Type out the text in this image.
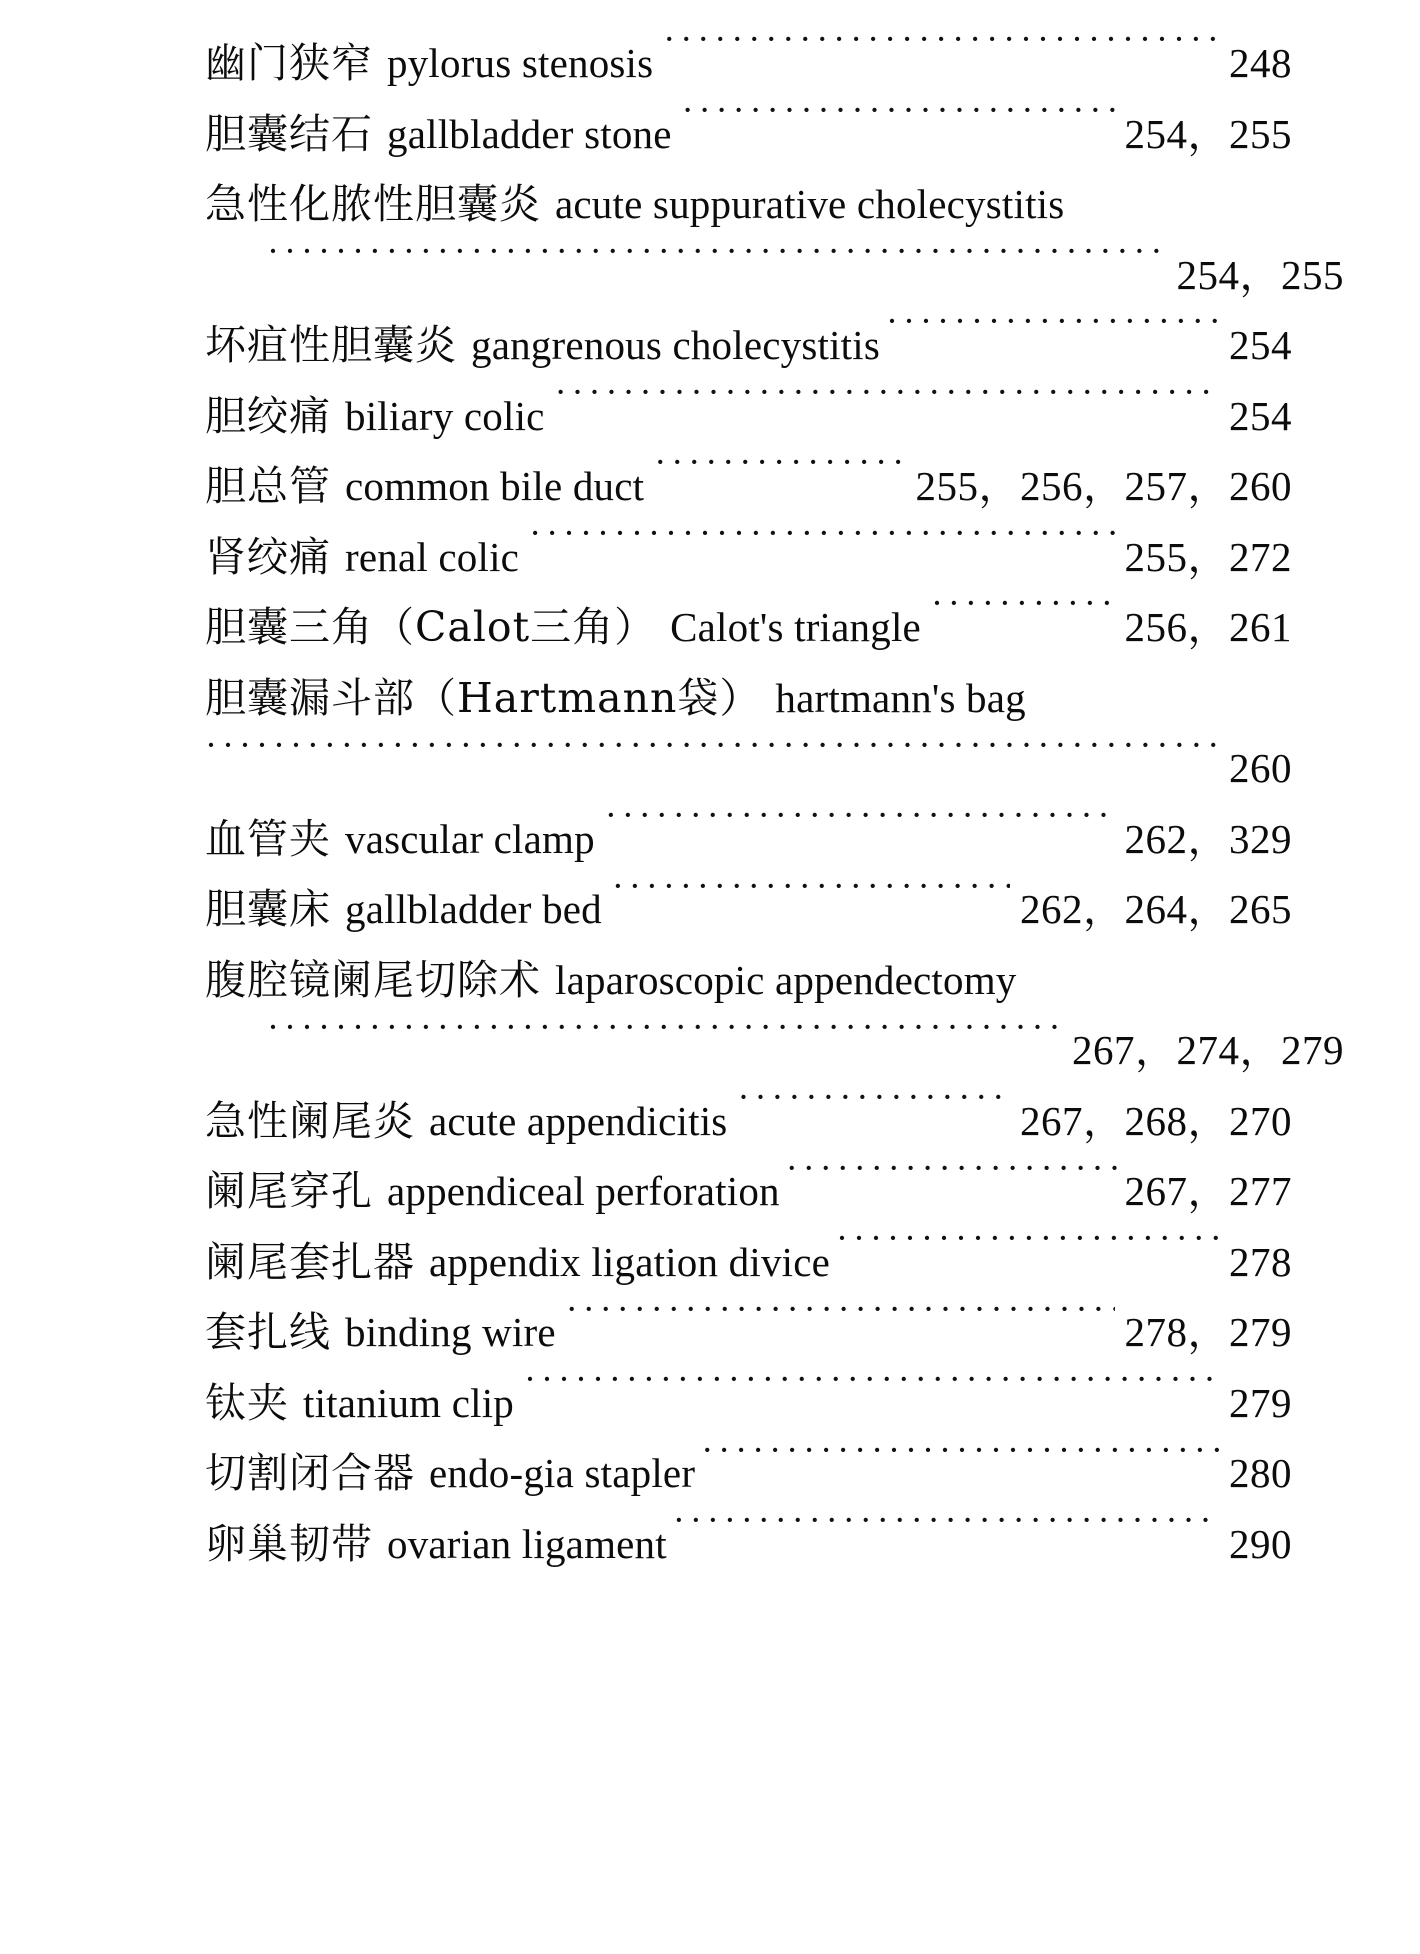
幽门狭窄 pylorus stenosis ·····	248
胆囊结石 gallbladder stone ·····	254，255
急性化脓性胆囊炎 acute suppurative cholecystitis
·····
254，255
坏疽性胆囊炎 gangrenous cholecystitis ·····	254
胆绞痛 biliary colic ·····	254
胆总管 common bile duct ·····	255，256，257，260
肾绞痛 renal colic ·····	255，272
胆囊三角（Calot三角） Calot's triangle ·····	256，261
胆囊漏斗部（Hartmann袋） hartmann's bag
·····
260
血管夹 vascular clamp ·····	262，329
胆囊床 gallbladder bed ·····	262，264，265
腹腔镜阑尾切除术 laparoscopic appendectomy
·····
267，274，279
急性阑尾炎 acute appendicitis ·····	267，268，270
阑尾穿孔 appendiceal perforation ·····	267，277
阑尾套扎器 appendix ligation divice ·····	278
套扎线 binding wire ·····	278，279
钛夹 titanium clip ·····	279
切割闭合器 endo-gia stapler ·····	280
卵巢韧带 ovarian ligament ·····	290
